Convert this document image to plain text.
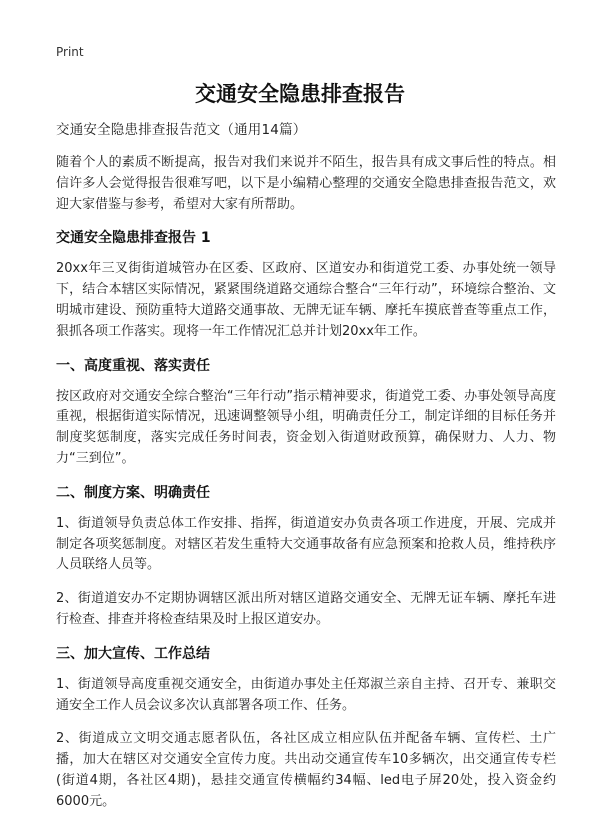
Print
交通安全隐患排查报告
交通安全隐患排查报告范文（通用14篇）

随着个人的素质不断提高，报告对我们来说并不陌生，报告具有成文事后性的特点。相信许多人会觉得报告很难写吧，以下是小编精心整理的交通安全隐患排查报告范文，欢迎大家借鉴与参考，希望对大家有所帮助。

交通安全隐患排查报告 1

20xx年三叉街街道城管办在区委、区政府、区道安办和街道党工委、办事处统一领导下，结合本辖区实际情况，紧紧围绕道路交通综合整合“三年行动”，环境综合整治、文明城市建设、预防重特大道路交通事故、无牌无证车辆、摩托车摸底普查等重点工作，狠抓各项工作落实。现将一年工作情况汇总并计划20xx年工作。

一、高度重视、落实责任

按区政府对交通安全综合整治“三年行动”指示精神要求，街道党工委、办事处领导高度重视，根据街道实际情况，迅速调整领导小组，明确责任分工，制定详细的目标任务并制度奖惩制度，落实完成任务时间表，资金划入街道财政预算，确保财力、人力、物力“三到位”。

二、制度方案、明确责任

1、街道领导负责总体工作安排、指挥，街道道安办负责各项工作进度，开展、完成并制定各项奖惩制度。对辖区若发生重特大交通事故备有应急预案和抢救人员，维持秩序人员联络人员等。

2、街道道安办不定期协调辖区派出所对辖区道路交通安全、无牌无证车辆、摩托车进行检查、排查并将检查结果及时上报区道安办。

三、加大宣传、工作总结

1、街道领导高度重视交通安全，由街道办事处主任郑淑兰亲自主持、召开专、兼职交通安全工作人员会议多次认真部署各项工作、任务。

2、街道成立文明交通志愿者队伍，各社区成立相应队伍并配备车辆、宣传栏、土广播，加大在辖区对交通安全宣传力度。共出动交通宣传车10多辆次，出交通宣传专栏(街道4期，各社区4期)，悬挂交通宣传横幅约34幅、led电子屏20处，投入资金约6000元。
